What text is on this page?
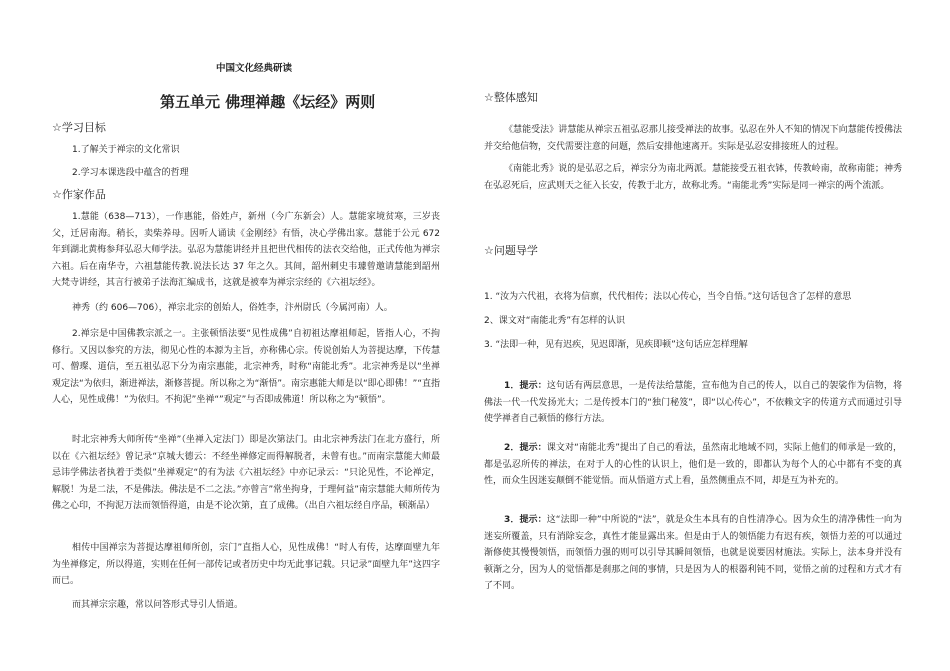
中国文化经典研读
第五单元 佛理禅趣《坛经》两则
☆学习目标
1.了解关于禅宗的文化常识
2.学习本课选段中蕴含的哲理
☆作家作品

1.慧能（638—713），一作惠能，俗姓卢，新州（今广东新会）人。慧能家境贫寒，三岁丧父，迁居南海。稍长，卖柴养母。因听人诵读《金刚经》有悟，决心学佛出家。慧能于公元 672 年到湖北黄梅参拜弘忍大师学法。弘忍为慧能讲经并且把世代相传的法衣交给他，正式传他为禅宗六祖。后在南华寺，六祖慧能传教.说法长达 37 年之久。其间，韶州刺史韦璩曾邀请慧能到韶州大梵寺讲经，其言行被弟子法海汇编成书，这就是被奉为禅宗宗经的《六祖坛经》。

神秀（约 606—706），禅宗北宗的创始人，俗姓李，汴州尉氏（今属河南）人。

2.禅宗是中国佛教宗派之一。主张顿悟法要“见性成佛”自初祖达摩祖师起，皆指人心，不拘修行。又因以参究的方法，彻见心性的本源为主旨，亦称佛心宗。传说创始人为菩提达摩，下传慧可、僧璨、道信，至五祖弘忍下分为南宗惠能，北宗神秀，时称“南能北秀”。北宗神秀是以“坐禅观定法“为依归，渐进禅法，渐修菩提。所以称之为“渐悟”。南宗惠能大师是以“即心即佛！”“直指人心，见性成佛！”为依归。不拘泥”坐禅“”观定”与否即成佛道！所以称之为“顿悟”。

时北宗神秀大师所传“坐禅”（坐禅入定法门）即是次第法门。由北宗神秀法门在北方盛行，所以在《六祖坛经》曾记录“京城大德云：不经坐禅修定而得解脱者，未曾有也。”而南宗慧能大师最忌讳学佛法者执着于类似”坐禅观定“的有为法《六祖坛经》中亦记录云：“只论见性，不论禅定，解脱！为是二法，不是佛法。佛法是不二之法。”亦曾言”常坐拘身，于理何益”南宗慧能大师所传为佛之心印，不拘泥万法而领悟得道，由是不论次第，直了成佛。（出自六祖坛经自序品，顿渐品）

相传中国禅宗为菩提达摩祖师所创，宗门”直指人心，见性成佛！“时人有传，达摩面壁九年为坐禅修定，所以得道，实则在任何一部传记或者历史中均无此事记载。只记录”面壁九年”这四字而已。

而其禅宗宗趣，常以问答形式导引人悟道。

☆整体感知

《慧能受法》讲慧能从禅宗五祖弘忍那儿接受禅法的故事。弘忍在外人不知的情况下向慧能传授佛法并交给他信物，交代需要注意的问题，然后安排他速离开。实际是弘忍安排接班人的过程。

《南能北秀》说的是弘忍之后，禅宗分为南北两派。慧能接受五祖衣钵，传教岭南，故称南能；神秀在弘忍死后，应武则天之征入长安，传教于北方，故称北秀。“南能北秀”实际是同一禅宗的两个流派。

☆问题导学
1. “汝为六代祖，衣将为信禀，代代相传；法以心传心，当令自悟。”这句话包含了怎样的意思
2、课文对“南能北秀”有怎样的认识
3. “法即一种，见有迟疾，见迟即渐，见疾即顿”这句话应怎样理解

1．提示：这句话有两层意思，一是传法给慧能，宣布他为自己的传人，以自己的袈裟作为信物，将佛法一代一代发扬光大；二是传授本门的“独门秘笈”，即“以心传心”，不依赖文字的传道方式而通过引导使学禅者自己顿悟的修行方法。

2．提示：课文对“南能北秀”提出了自己的看法，虽然南北地域不同，实际上他们的师承是一致的，都是弘忍所传的禅法，在对于人的心性的认识上，他们是一致的，即都认为每个人的心中都有不变的真性，而众生因迷妄颠倒不能觉悟。而从悟道方式上看，虽然侧重点不同，却是互为补充的。

3．提示：这“法即一种”中所说的“法”，就是众生本具有的自性清净心。因为众生的清净佛性一向为迷妄所覆盖，只有消除妄念，真性才能显露出来。但是由于人的领悟能力有迟有疾，领悟力差的可以通过渐修使其慢慢领悟，而领悟力强的则可以引导其瞬间领悟，也就是说要因材施法。实际上，法本身并没有顿渐之分，因为人的觉悟都是刹那之间的事情，只是因为人的根器利钝不同，觉悟之前的过程和方式才有了不同。
